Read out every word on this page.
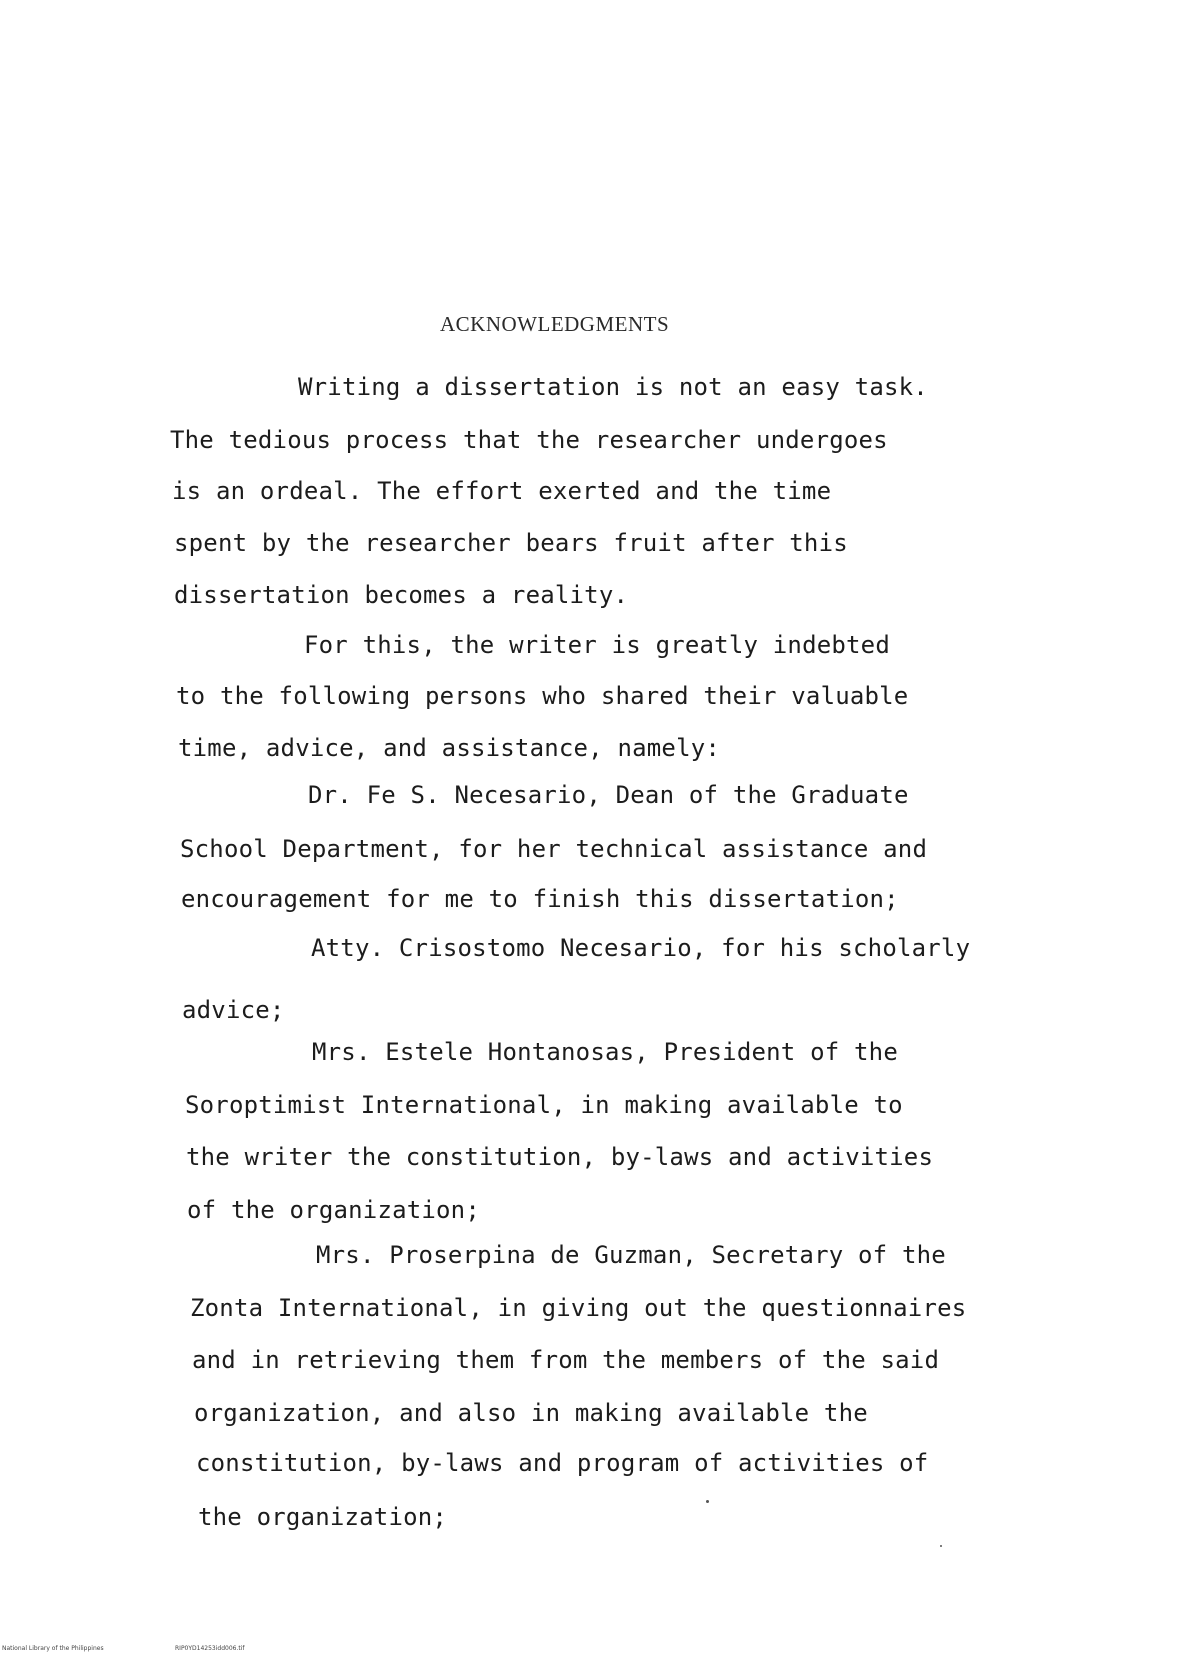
ACKNOWLEDGMENTS
Writing a dissertation is not an easy task.
The tedious process that the researcher undergoes
is an ordeal. The effort exerted and the time
spent by the researcher bears fruit after this
dissertation becomes a reality.
For this, the writer is greatly indebted
to the following persons who shared their valuable
time, advice, and assistance, namely:
Dr. Fe S. Necesario, Dean of the Graduate
School Department, for her technical assistance and
encouragement for me to finish this dissertation;
Atty. Crisostomo Necesario, for his scholarly
advice;
Mrs. Estele Hontanosas, President of the
Soroptimist International, in making available to
the writer the constitution, by-laws and activities
of the organization;
Mrs. Proserpina de Guzman, Secretary of the
Zonta International, in giving out the questionnaires
and in retrieving them from the members of the said
organization, and also in making available the
constitution, by-laws and program of activities of
the organization;
National Library of the Philippines	RIP0YD14253idd006.tif
